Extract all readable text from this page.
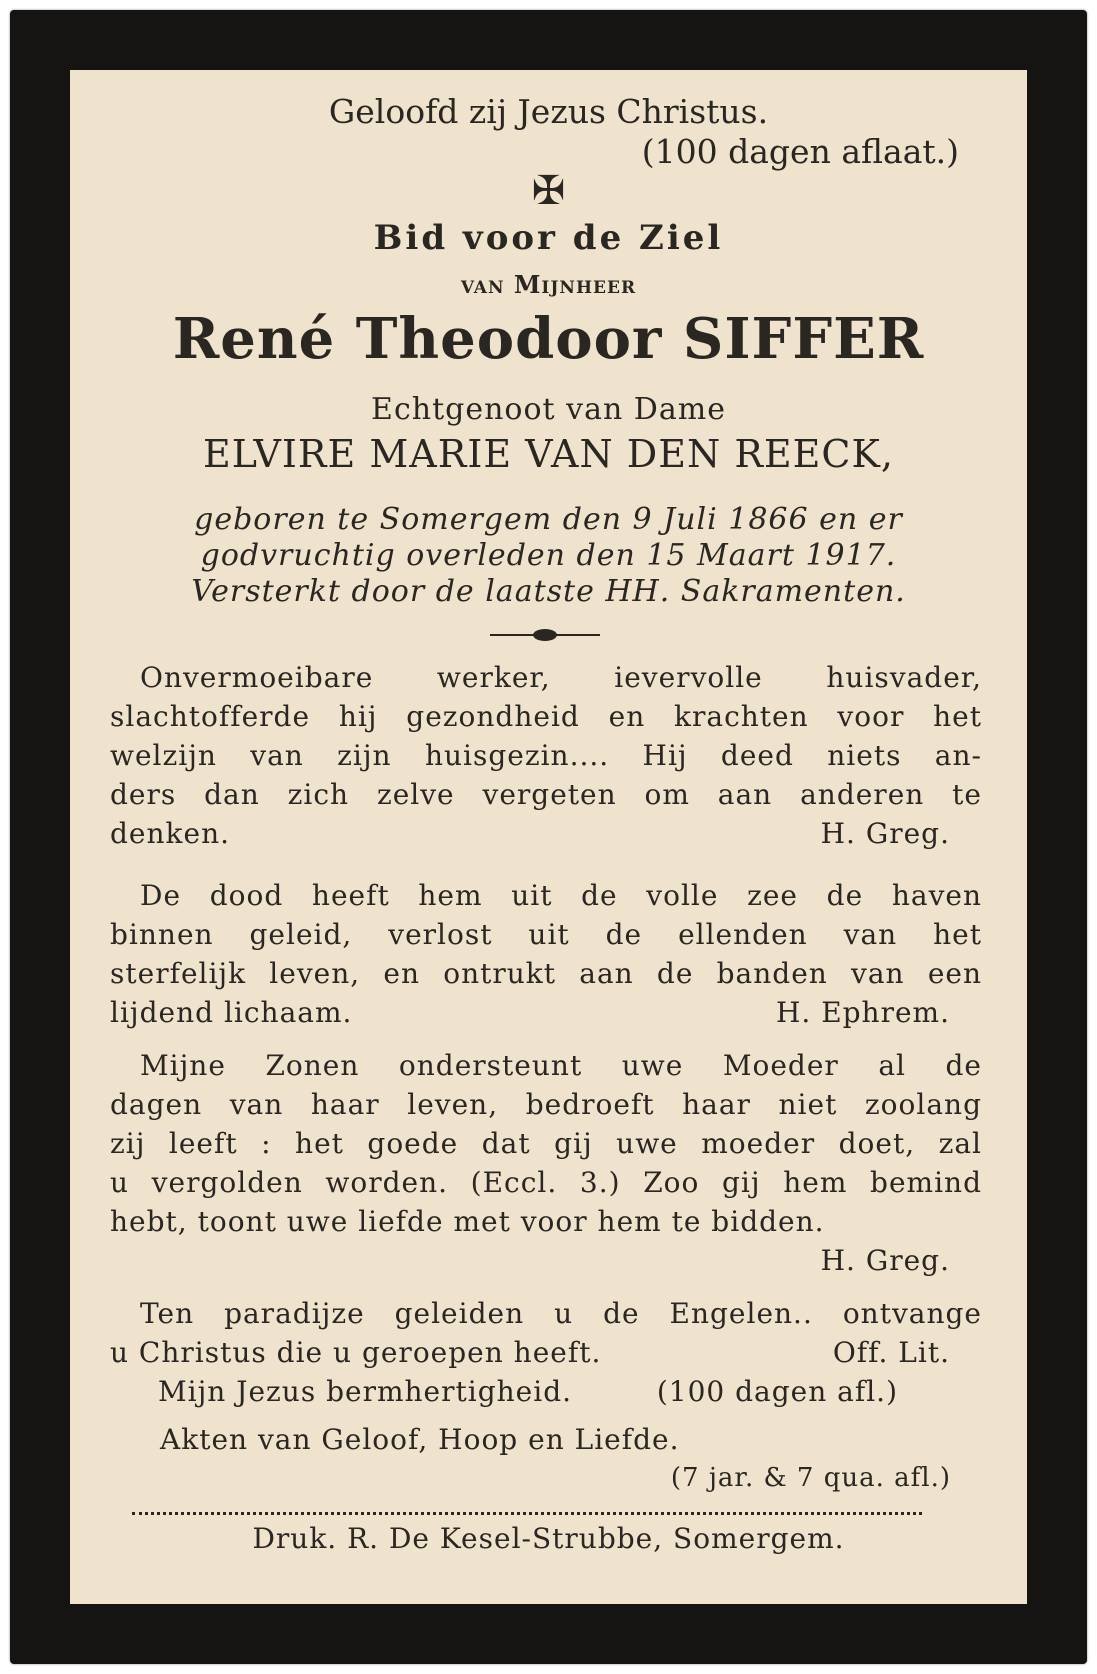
Geloofd zij Jezus Christus.
(100 dagen aflaat.)
✠
Bid voor de Ziel
van Mijnheer
René Theodoor SIFFER
Echtgenoot van Dame
ELVIRE MARIE VAN DEN REECK,
geboren te Somergem den 9 Juli 1866 en er
godvruchtig overleden den 15 Maart 1917.
Versterkt door de laatste HH. Sakramenten.
Onvermoeibare werker, ievervolle huisvader,
slachtofferde hij gezondheid en krachten voor het
welzijn van zijn huisgezin.... Hij deed niets an-
ders dan zich zelve vergeten om aan anderen te
denken.	H. Greg.
De dood heeft hem uit de volle zee de haven
binnen geleid, verlost uit de ellenden van het
sterfelijk leven, en ontrukt aan de banden van een
lijdend lichaam.	H. Ephrem.
Mijne Zonen ondersteunt uwe Moeder al de
dagen van haar leven, bedroeft haar niet zoolang
zij leeft : het goede dat gij uwe moeder doet, zal
u vergolden worden. (Eccl. 3.) Zoo gij hem bemind
hebt, toont uwe liefde met voor hem te bidden.
H. Greg.
Ten paradijze geleiden u de Engelen.. ontvange
u Christus die u geroepen heeft.	Off. Lit.
Mijn Jezus bermhertigheid.	(100 dagen afl.)
Akten van Geloof, Hoop en Liefde.
(7 jar. & 7 qua. afl.)
Druk. R. De Kesel-Strubbe, Somergem.
